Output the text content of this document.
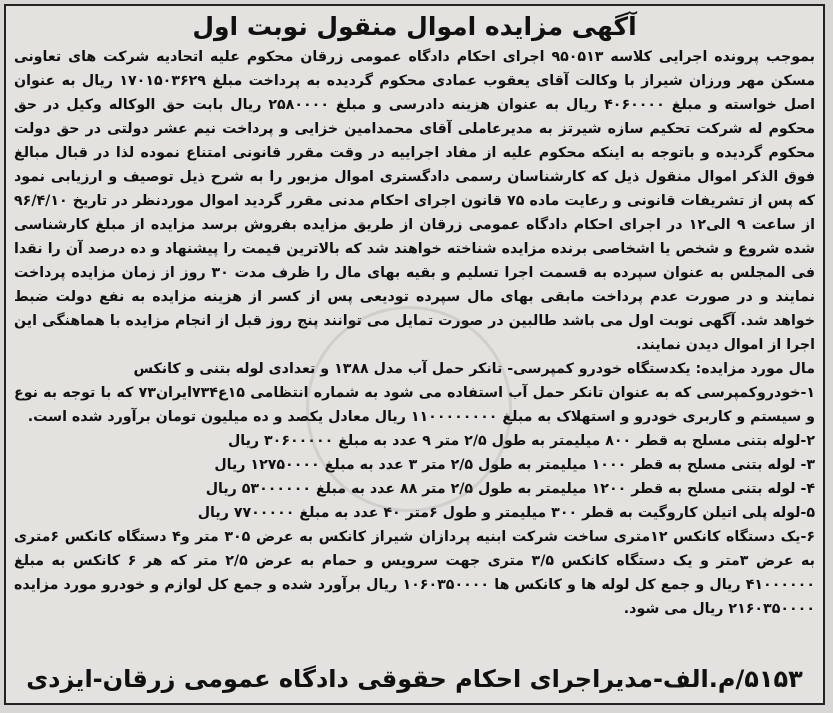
آگهی مزایده اموال منقول نوبت اول

بموجب پرونده اجرایی کلاسه ۹۵۰۵۱۳ اجرای احکام دادگاه عمومی زرقان محکوم علیه اتحادیه شرکت های تعاونی مسکن مهر ورزان شیراز با وکالت آقای یعقوب عمادی محکوم گردیده به پرداخت مبلغ ۱۷۰۱۵۰۳۶۲۹ ریال به عنوان اصل خواسته و مبلغ ۴۰۶۰۰۰۰ ریال به عنوان هزینه دادرسی و مبلغ ۲۵۸۰۰۰۰ ریال بابت حق الوکاله وکیل در حق محکوم له شرکت تحکیم سازه شیرتز به مدیرعاملی آقای محمدامین خزایی و پرداخت نیم عشر دولتی در حق دولت محکوم گردیده و باتوجه به اینکه محکوم علیه از مفاد اجراییه در وقت مقرر قانونی امتناع نموده لذا در قبال مبالغ فوق الذکر اموال منقول ذیل که کارشناسان رسمی دادگستری اموال مزبور را به شرح ذیل توصیف و ارزیابی نمود که پس از تشریفات قانونی و رعایت ماده ۷۵ قانون اجرای احکام مدنی مقرر گردید اموال موردنظر در تاریخ ۹۶/۴/۱۰ از ساعت ۹ الی۱۲ در اجرای احکام دادگاه عمومی زرقان از طریق مزایده بفروش برسد مزایده از مبلغ کارشناسی شده شروع و شخص یا اشخاصی برنده مزایده شناخته خواهند شد که بالاترین قیمت را پیشنهاد و ده درصد آن را نقدا فی المجلس به عنوان سپرده به قسمت اجرا تسلیم و بقیه بهای مال را ظرف مدت ۳۰ روز از زمان مزایده پرداخت نمایند و در صورت عدم پرداخت مابقی بهای مال سپرده تودیعی پس از کسر از هزینه مزایده به نفع دولت ضبط خواهد شد. آگهی نوبت اول می باشد طالبین در صورت تمایل می توانند پنج روز قبل از انجام مزایده با هماهنگی این اجرا از اموال دیدن نمایند.

مال مورد مزایده: یکدستگاه خودرو کمپرسی- تانکر حمل آب مدل ۱۳۸۸ و تعدادی لوله بتنی و کانکس

۱-خودروکمپرسی که به عنوان تانکر حمل آب استفاده می شود به شماره انتظامی ۱۵ع۷۳۴ایران۷۳ که با توجه به نوع و سیستم و کاربری خودرو و استهلاک به مبلغ ۱۱۰۰۰۰۰۰۰۰ ریال معادل یکصد و ده میلیون تومان برآورد شده است.

۲-لوله بتنی مسلح به قطر ۸۰۰ میلیمتر به طول ۲/۵ متر ۹ عدد به مبلغ ۳۰۶۰۰۰۰۰ ریال

۳- لوله بتنی مسلح به قطر ۱۰۰۰ میلیمتر به طول ۲/۵ متر ۳ عدد به مبلغ ۱۲۷۵۰۰۰۰ ریال

۴- لوله بتنی مسلح به قطر ۱۲۰۰ میلیمتر به طول ۲/۵ متر ۸۸ عدد به مبلغ ۵۳۰۰۰۰۰۰ ریال

۵-لوله پلی اتیلن کاروگیت به قطر ۳۰۰ میلیمتر و طول ۶متر ۴۰ عدد به مبلغ ۷۷۰۰۰۰۰ ریال

۶-یک دستگاه کانکس ۱۲متری ساخت شرکت ابنیه پردازان شیراز کانکس به عرض ۳۰۵ متر و۴ دستگاه کانکس ۶متری به عرض ۳متر و یک دستگاه کانکس ۳/۵ متری جهت سرویس و حمام به عرض ۲/۵ متر که هر ۶ کانکس به مبلغ ۴۱۰۰۰۰۰۰ ریال و جمع کل لوله ها و کانکس ها ۱۰۶۰۳۵۰۰۰۰ ریال برآورد شده و جمع کل لوازم و خودرو مورد مزایده ۲۱۶۰۳۵۰۰۰۰ ریال می شود.

۵۱۵۳/م.الف-مدیراجرای احکام حقوقی دادگاه عمومی زرقان-ایزدی
